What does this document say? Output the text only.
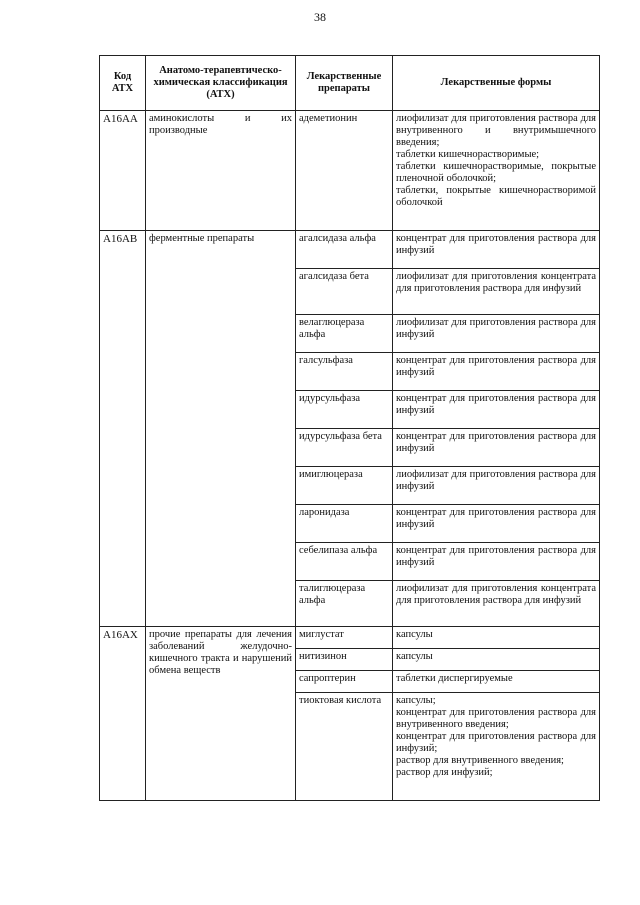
38
Код АТХ	Анатомо-терапевтическо-химическая классификация (АТХ)	Лекарственные препараты	Лекарственные формы
A16AA	аминокислоты и их производные	адеметионин	лиофилизат для приготовления раствора для внутривенного и внутримышечного введения;
таблетки кишечнорастворимые;
таблетки кишечнорастворимые, покрытые пленочной оболочкой;
таблетки, покрытые кишечнорастворимой оболочкой

A16AB	ферментные препараты	агалсидаза альфа	концентрат для приготовления раствора для инфузий

		агалсидаза бета	лиофилизат для приготовления концентрата для приготовления раствора для инфузий

		велаглюцераза альфа	лиофилизат для приготовления раствора для инфузий

		галсульфаза	концентрат для приготовления раствора для инфузий

		идурсульфаза	концентрат для приготовления раствора для инфузий

		идурсульфаза бета	концентрат для приготовления раствора для инфузий

		имиглюцераза	лиофилизат для приготовления раствора для инфузий

		ларонидаза	концентрат для приготовления раствора для инфузий

		себелипаза альфа	концентрат для приготовления раствора для инфузий

		талиглюцераза альфа	лиофилизат для приготовления концентрата для приготовления раствора для инфузий

A16AX	прочие препараты для лечения заболеваний желудочно-кишечного тракта и нарушений обмена веществ	миглустат	капсулы

		нитизинон	капсулы

		сапроптерин	таблетки диспергируемые

		тиоктовая кислота	капсулы;
концентрат для приготовления раствора для внутривенного введения;
концентрат для приготовления раствора для инфузий;
раствор для внутривенного введения;
раствор для инфузий;
